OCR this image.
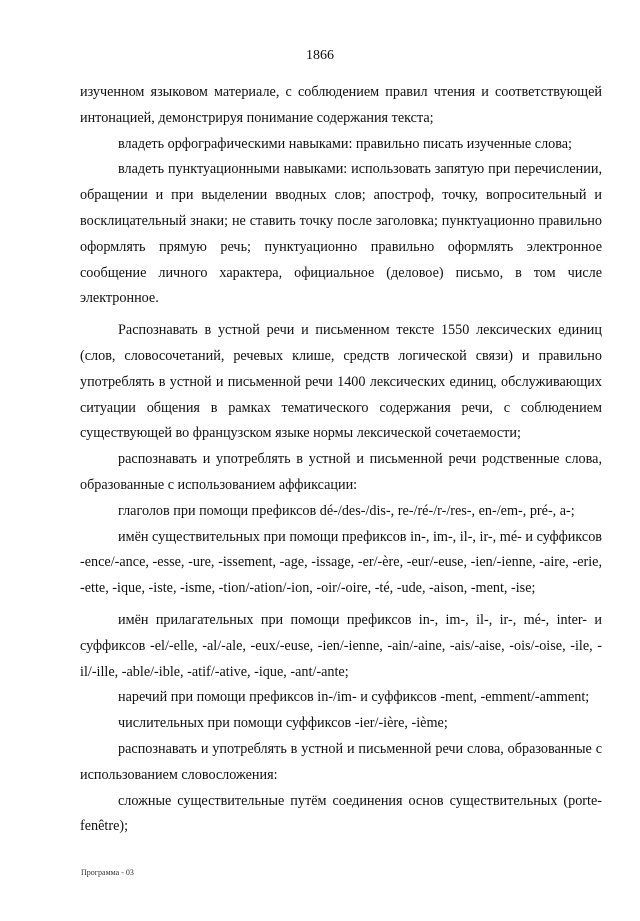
1866

изученном языковом материале, с соблюдением правил чтения и соответствующей интонацией, демонстрируя понимание содержания текста;

владеть орфографическими навыками: правильно писать изученные слова;

владеть пунктуационными навыками: использовать запятую при перечислении, обращении и при выделении вводных слов; апостроф, точку, вопросительный и восклицательный знаки; не ставить точку после заголовка; пунктуационно правильно оформлять прямую речь; пунктуационно правильно оформлять электронное сообщение личного характера, официальное (деловое) письмо, в том числе электронное.

Распознавать в устной речи и письменном тексте 1550 лексических единиц (слов, словосочетаний, речевых клише, средств логической связи) и правильно употреблять в устной и письменной речи 1400 лексических единиц, обслуживающих ситуации общения в рамках тематического содержания речи, с соблюдением существующей во французском языке нормы лексической сочетаемости;

распознавать и употреблять в устной и письменной речи родственные слова, образованные с использованием аффиксации:

глаголов при помощи префиксов dé-/des-/dis-, re-/ré-/r-/res-, en-/em-, pré-, a-;

имён существительных при помощи префиксов in-, im-, il-, ir-, mé- и суффиксов -ence/-ance, -esse, -ure, -issement, -age, -issage, -er/-ère, -eur/-euse, -ien/-ienne, -aire, -erie, -ette, -ique, -iste, -isme, -tion/-ation/-ion, -oir/-oire, -té, -ude, -aison, -ment, -ise;

имён прилагательных при помощи префиксов in-, im-, il-, ir-, mé-, inter- и суффиксов -el/-elle, -al/-ale, -eux/-euse, -ien/-ienne, -ain/-aine, -ais/-aise, -ois/-oise, -ile, -il/-ille, -able/-ible, -atif/-ative, -ique, -ant/-ante;

наречий при помощи префиксов in-/im- и суффиксов -ment, -emment/-amment;

числительных при помощи суффиксов -ier/-ière, -ième;

распознавать и употреблять в устной и письменной речи слова, образованные с использованием словосложения:

сложные существительные путём соединения основ существительных (porte-fenêtre);

Программа - 03
